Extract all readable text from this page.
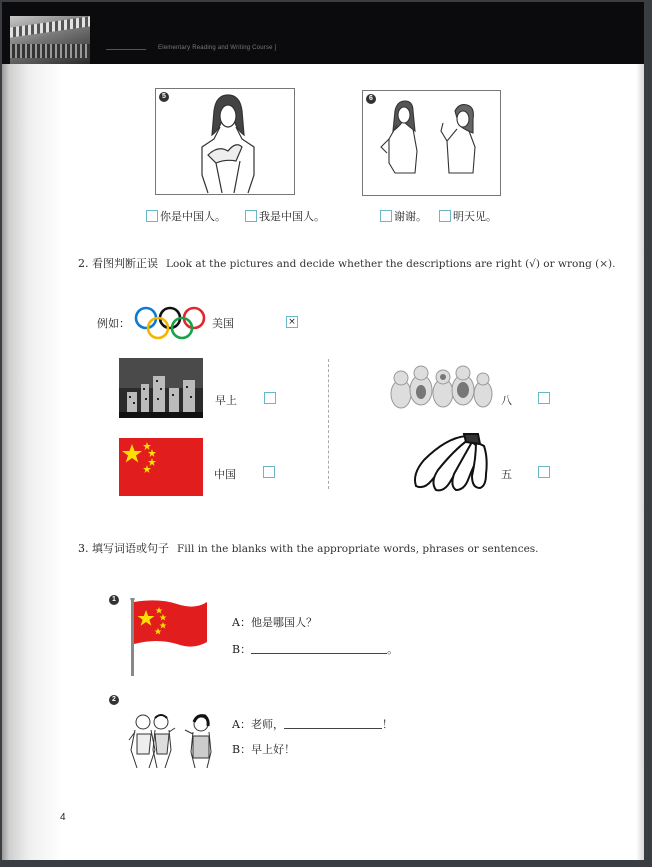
Elementary Reading and Writing Course ]
5	6
你是中国人。	我是中国人。	谢谢。	明天见。
2. 看图判断正误 Look at the pictures and decide whether the descriptions are right (√) or wrong (×).
例如：	美国	×
早上
中国
八
五
3. 填写词语或句子 Fill in the blanks with the appropriate words, phrases or sentences.
1
A：他是哪国人？
B：	。
2
A：老师，	！
B：早上好！
4
